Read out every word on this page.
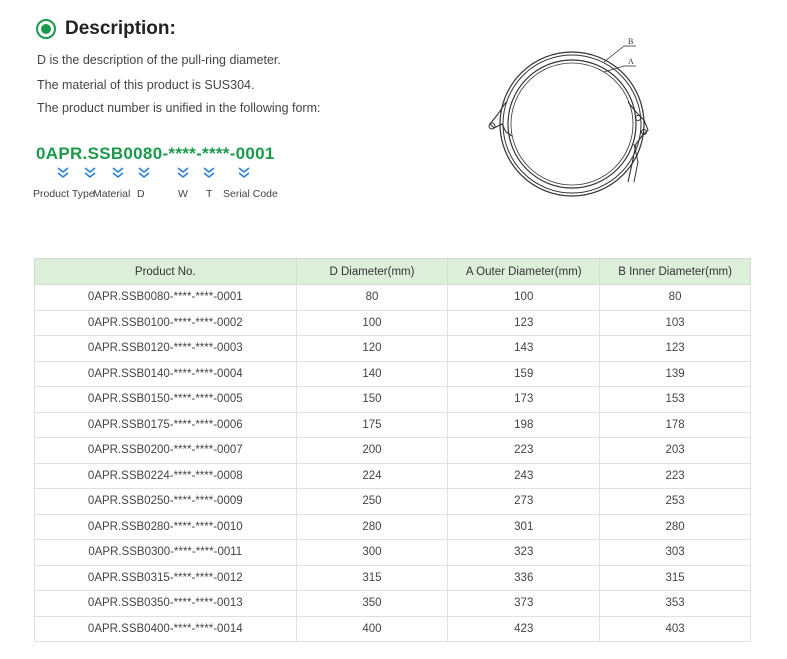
Description:
D is the description of the pull-ring diameter.
The material of this product is SUS304.
The product number is unified in the following form:
0APR.SSB0080-****-****-0001
Product Type
Material D	W T Serial Code
B
A
Product No.	D Diameter(mm)	A Outer Diameter(mm)	B Inner Diameter(mm)
0APR.SSB0080-****-****-0001	80	100	80
0APR.SSB0100-****-****-0002	100	123	103
0APR.SSB0120-****-****-0003	120	143	123
0APR.SSB0140-****-****-0004	140	159	139
0APR.SSB0150-****-****-0005	150	173	153
0APR.SSB0175-****-****-0006	175	198	178
0APR.SSB0200-****-****-0007	200	223	203
0APR.SSB0224-****-****-0008	224	243	223
0APR.SSB0250-****-****-0009	250	273	253
0APR.SSB0280-****-****-0010	280	301	280
0APR.SSB0300-****-****-0011	300	323	303
0APR.SSB0315-****-****-0012	315	336	315
0APR.SSB0350-****-****-0013	350	373	353
0APR.SSB0400-****-****-0014	400	423	403
